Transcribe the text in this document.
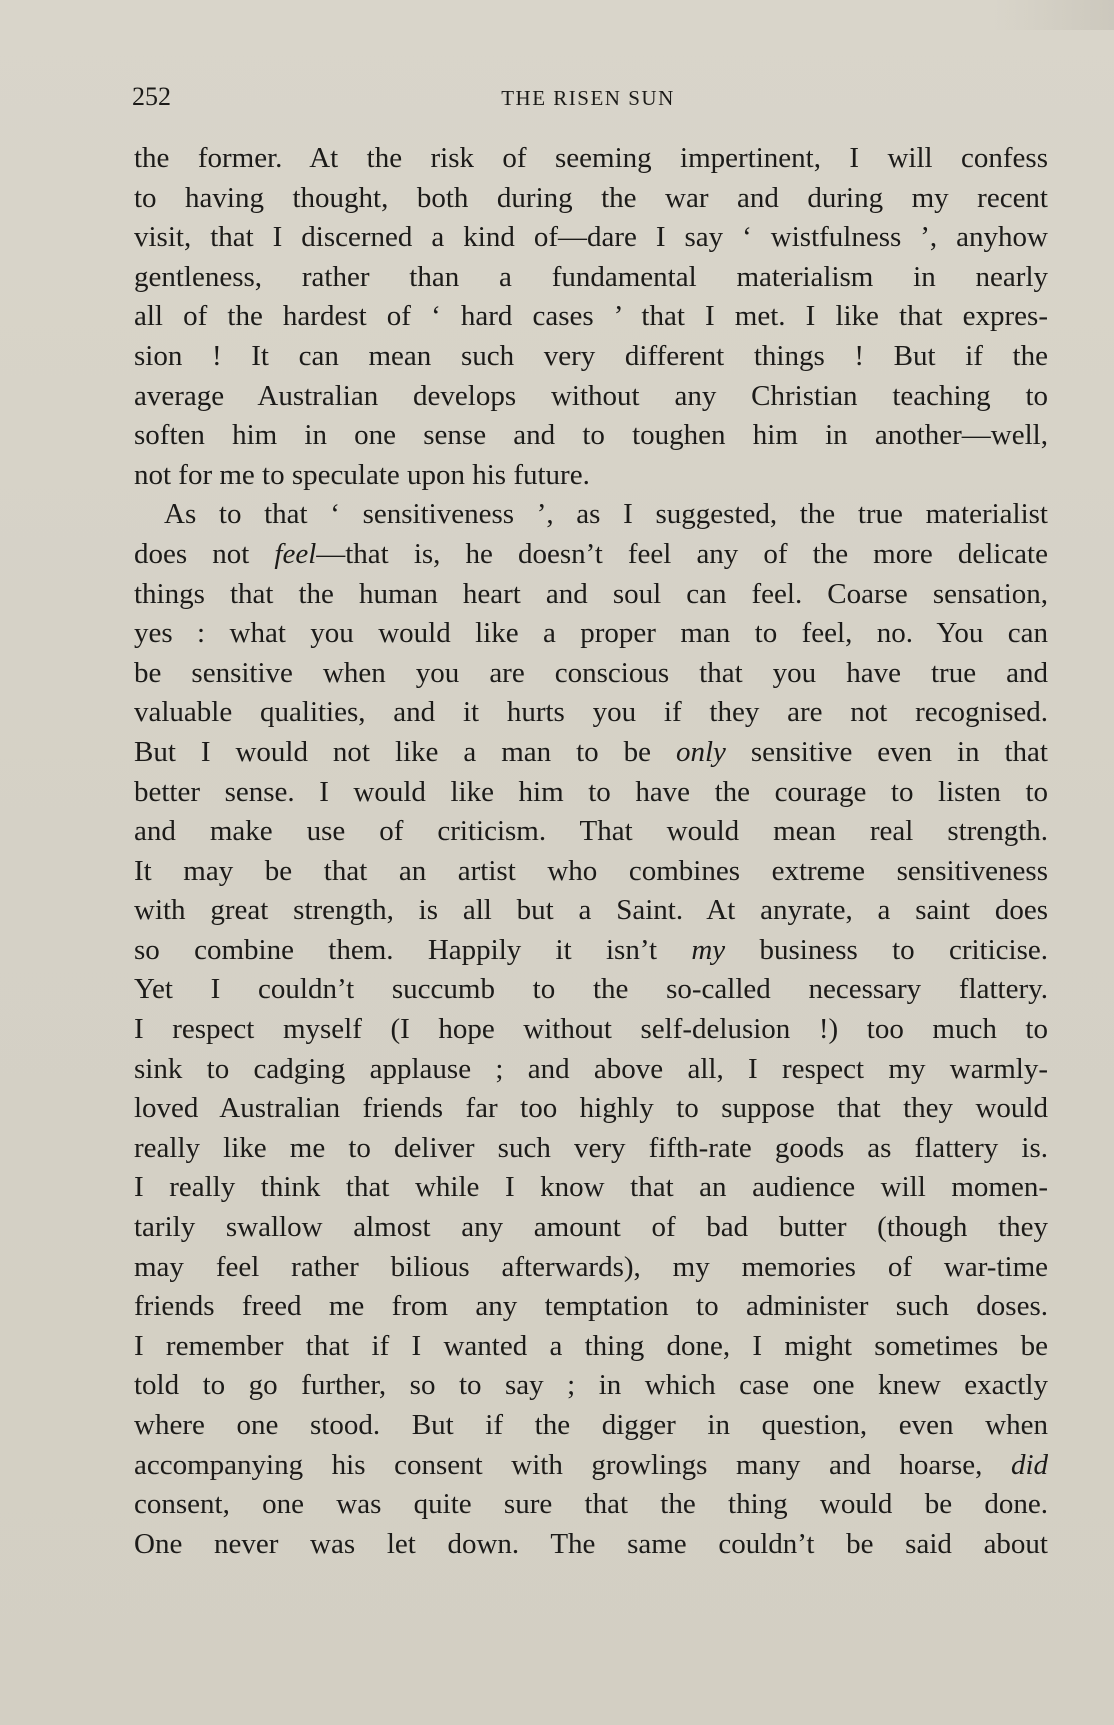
252	THE RISEN SUN
the former. At the risk of seeming impertinent, I will confess
to having thought, both during the war and during my recent
visit, that I discerned a kind of—dare I say ‘ wistfulness ’, anyhow
gentleness, rather than a fundamental materialism in nearly
all of the hardest of ‘ hard cases ’ that I met. I like that expres-
sion ! It can mean such very different things ! But if the
average Australian develops without any Christian teaching to
soften him in one sense and to toughen him in another—well,
not for me to speculate upon his future.
As to that ‘ sensitiveness ’, as I suggested, the true materialist
does not feel—that is, he doesn’t feel any of the more delicate
things that the human heart and soul can feel. Coarse sensation,
yes : what you would like a proper man to feel, no. You can
be sensitive when you are conscious that you have true and
valuable qualities, and it hurts you if they are not recognised.
But I would not like a man to be only sensitive even in that
better sense. I would like him to have the courage to listen to
and make use of criticism. That would mean real strength.
It may be that an artist who combines extreme sensitiveness
with great strength, is all but a Saint. At anyrate, a saint does
so combine them. Happily it isn’t my business to criticise.
Yet I couldn’t succumb to the so-called necessary flattery.
I respect myself (I hope without self-delusion !) too much to
sink to cadging applause ; and above all, I respect my warmly-
loved Australian friends far too highly to suppose that they would
really like me to deliver such very fifth-rate goods as flattery is.
I really think that while I know that an audience will momen-
tarily swallow almost any amount of bad butter (though they
may feel rather bilious afterwards), my memories of war-time
friends freed me from any temptation to administer such doses.
I remember that if I wanted a thing done, I might sometimes be
told to go further, so to say ; in which case one knew exactly
where one stood. But if the digger in question, even when
accompanying his consent with growlings many and hoarse, did
consent, one was quite sure that the thing would be done.
One never was let down. The same couldn’t be said about
